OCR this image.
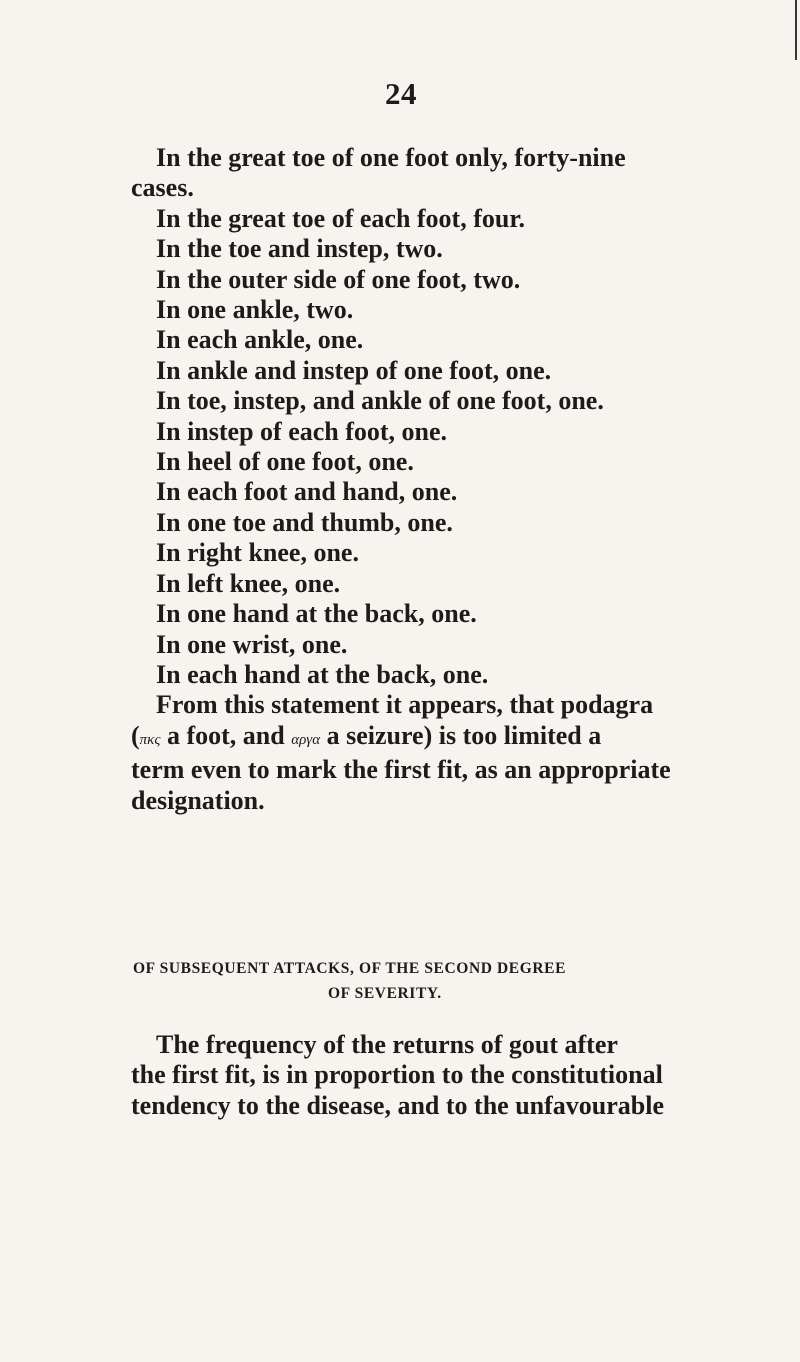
24
In the great toe of one foot only, forty-nine
cases.
In the great toe of each foot, four.
In the toe and instep, two.
In the outer side of one foot, two.
In one ankle, two.
In each ankle, one.
In ankle and instep of one foot, one.
In toe, instep, and ankle of one foot, one.
In instep of each foot, one.
In heel of one foot, one.
In each foot and hand, one.
In one toe and thumb, one.
In right knee, one.
In left knee, one.
In one hand at the back, one.
In one wrist, one.
In each hand at the back, one.
From this statement it appears, that podagra
(πκς a foot, and αργα a seizure) is too limited a
term even to mark the first fit, as an appropriate
designation.
OF SUBSEQUENT ATTACKS, OF THE SECOND DEGREE
OF SEVERITY.
The frequency of the returns of gout after
the first fit, is in proportion to the constitutional
tendency to the disease, and to the unfavourable
